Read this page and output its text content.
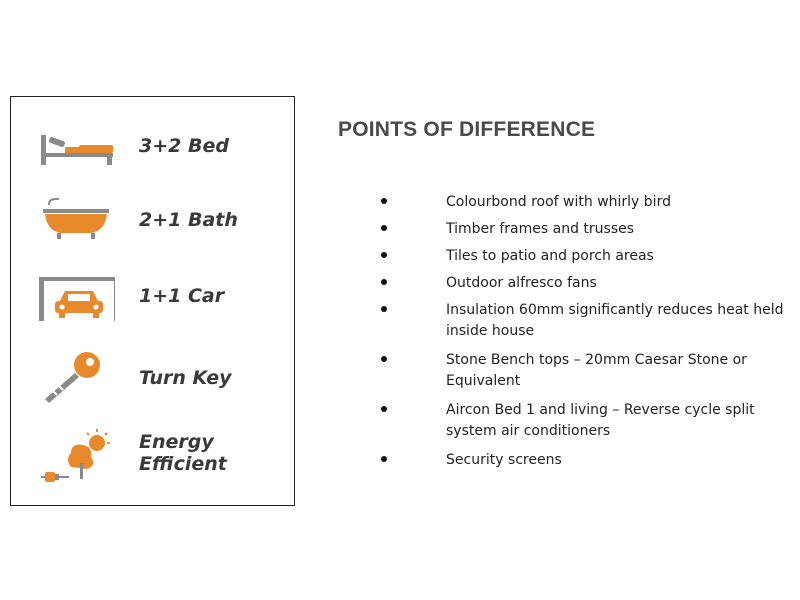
3+2 Bed
2+1 Bath
1+1 Car
Turn Key
Energy Efficient
POINTS OF DIFFERENCE
Colourbond roof with whirly bird
Timber frames and trusses
Tiles to patio and porch areas
Outdoor alfresco fans
Insulation 60mm significantly reduces heat held inside house
Stone Bench tops – 20mm Caesar Stone or Equivalent
Aircon Bed 1 and living – Reverse cycle split system air conditioners
Security screens
